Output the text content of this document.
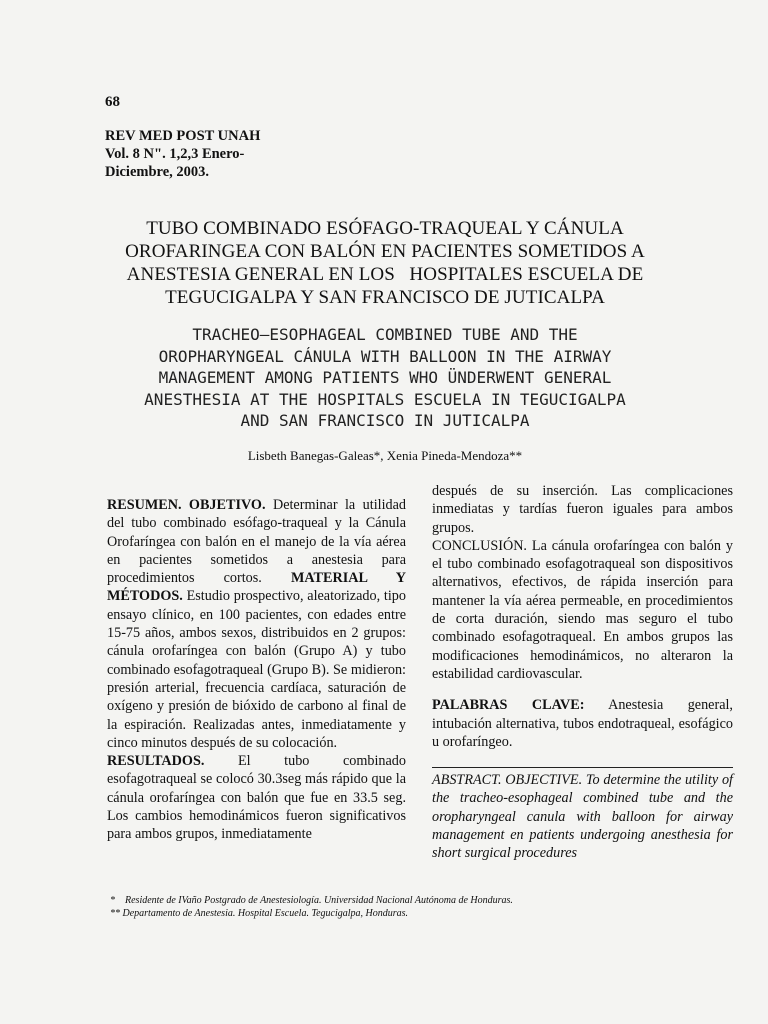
68
REV MED POST UNAH
Vol. 8 N". 1,2,3 Enero-
Diciembre, 2003.
TUBO COMBINADO ESÓFAGO-TRAQUEAL Y CÁNULA
OROFARINGEA CON BALÓN EN PACIENTES SOMETIDOS A
ANESTESIA GENERAL EN LOS   HOSPITALES ESCUELA DE
TEGUCIGALPA Y SAN FRANCISCO DE JUTICALPA
TRACHEO–ESOPHAGEAL COMBINED TUBE AND THE
OROPHARYNGEAL CÁNULA WITH BALLOON IN THE AIRWAY
MANAGEMENT AMONG PATIENTS WHO ÜNDERWENT GENERAL
ANESTHESIA AT THE HOSPITALS ESCUELA IN TEGUCIGALPA
AND SAN FRANCISCO IN JUTICALPA
Lisbeth Banegas-Galeas*, Xenia Pineda-Mendoza**

RESUMEN. OBJETIVO. Determinar la utilidad del tubo combinado esófago-traqueal y la Cánula Orofaríngea con balón en el manejo de la vía aérea en pacientes sometidos a anestesia para procedimientos cortos. MATERIAL Y MÉTODOS. Estudio prospectivo, aleatorizado, tipo ensayo clínico, en 100 pacientes, con edades entre 15-75 años, ambos sexos, distribuidos en 2 grupos: cánula orofaríngea con balón (Grupo A) y tubo combinado esofagotraqueal (Grupo B). Se midieron: presión arterial, frecuencia cardíaca, saturación de oxígeno y presión de bióxido de carbono al final de la espiración. Realizadas antes, inmediatamente y cinco minutos después de su colocación.

RESULTADOS. El tubo combinado esofagotraqueal se colocó 30.3seg más rápido que la cánula orofaríngea con balón que fue en 33.5 seg. Los cambios hemodinámicos fueron significativos para ambos grupos, inmediatamente

después de su inserción. Las complicaciones inmediatas y tardías fueron iguales para ambos grupos.

CONCLUSIÓN. La cánula orofaríngea con balón y el tubo combinado esofagotraqueal son dispositivos alternativos, efectivos, de rápida inserción para mantener la vía aérea permeable, en procedimientos de corta duración, siendo mas seguro el tubo combinado esofagotraqueal. En ambos grupos las modificaciones hemodinámicos, no alteraron la estabilidad cardiovascular.

PALABRAS CLAVE: Anestesia general, intubación alternativa, tubos endotraqueal, esofágico u orofaríngeo.

ABSTRACT. OBJECTIVE. To determine the utility of the tracheo-esophageal combined tube and the oropharyngeal canula with balloon for airway management en patients undergoing anesthesia for short surgical procedures

*    Residente de IVaño Postgrado de Anestesiología. Universidad Nacional Autónoma de Honduras.
** Departamento de Anestesia. Hospital Escuela. Tegucigalpa, Honduras.
